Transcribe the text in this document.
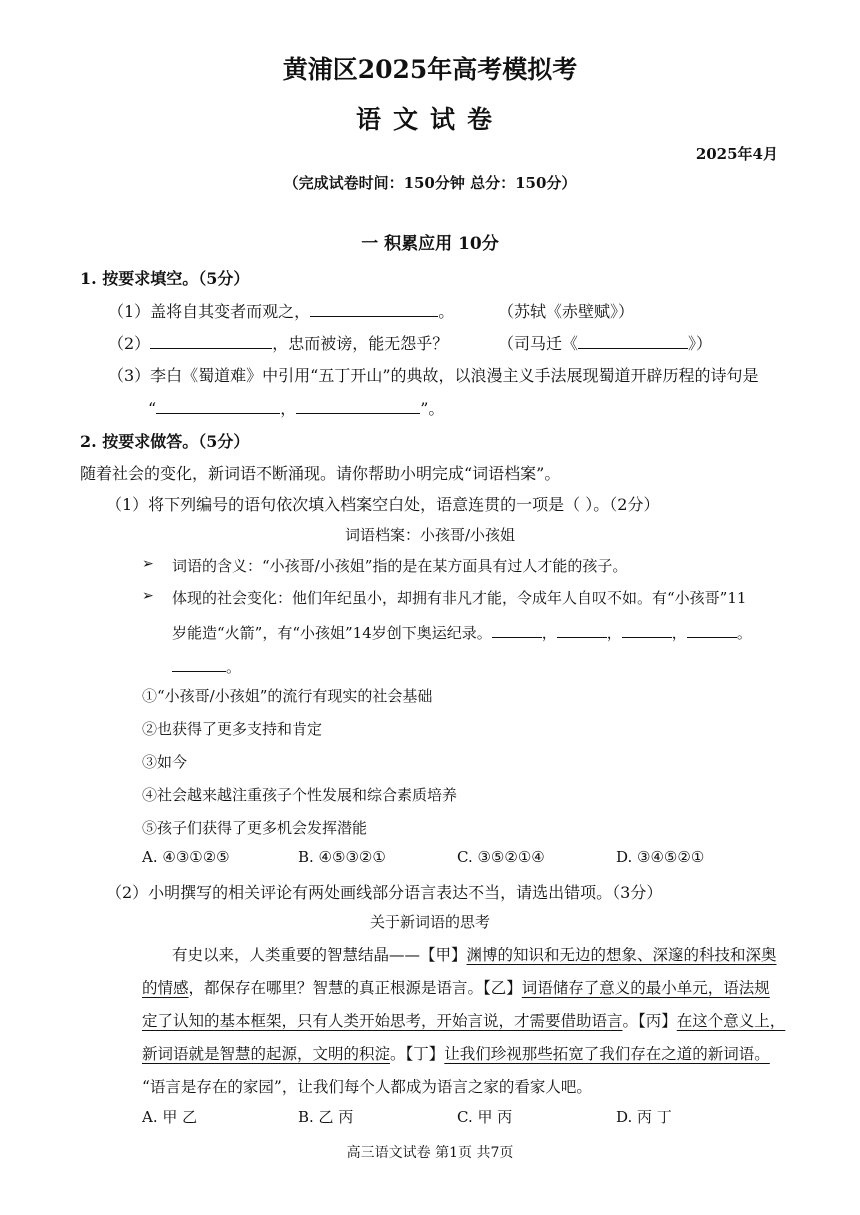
黄浦区2025年高考模拟考
语文试卷
2025年4月
（完成试卷时间：150分钟 总分：150分）
一 积累应用 10分
1. 按要求填空。（5分）
（1）盖将自其变者而观之，	。	（苏轼《赤壁赋》）
（2）	，忠而被谤，能无怨乎？	（司马迁《	》）
（3）李白《蜀道难》中引用“五丁开山”的典故，以浪漫主义手法展现蜀道开辟历程的诗句是
“	，	”。
2. 按要求做答。（5分）
随着社会的变化，新词语不断涌现。请你帮助小明完成“词语档案”。
（1）将下列编号的语句依次填入档案空白处，语意连贯的一项是（ ）。（2分）
词语档案：小孩哥/小孩姐
➢ 词语的含义：“小孩哥/小孩姐”指的是在某方面具有过人才能的孩子。
➢ 体现的社会变化：他们年纪虽小，却拥有非凡才能，令成年人自叹不如。有“小孩哥”11
岁能造“火箭”，有“小孩姐”14岁创下奥运纪录。	，	，	，	。
。
①“小孩哥/小孩姐”的流行有现实的社会基础
②也获得了更多支持和肯定
③如今
④社会越来越注重孩子个性发展和综合素质培养
⑤孩子们获得了更多机会发挥潜能
A. ④③①②⑤	B. ④⑤③②①	C. ③⑤②①④	D. ③④⑤②①
（2）小明撰写的相关评论有两处画线部分语言表达不当，请选出错项。（3分）
关于新词语的思考
有史以来，人类重要的智慧结晶——【甲】渊博的知识和无边的想象、深邃的科技和深奥
的情感，都保存在哪里？智慧的真正根源是语言。【乙】词语储存了意义的最小单元，语法规
定了认知的基本框架，只有人类开始思考，开始言说，才需要借助语言。【丙】在这个意义上，
新词语就是智慧的起源，文明的积淀。【丁】让我们珍视那些拓宽了我们存在之道的新词语。
“语言是存在的家园”，让我们每个人都成为语言之家的看家人吧。
A. 甲 乙	B. 乙 丙	C. 甲 丙	D. 丙 丁
高三语文试卷 第1页 共7页
